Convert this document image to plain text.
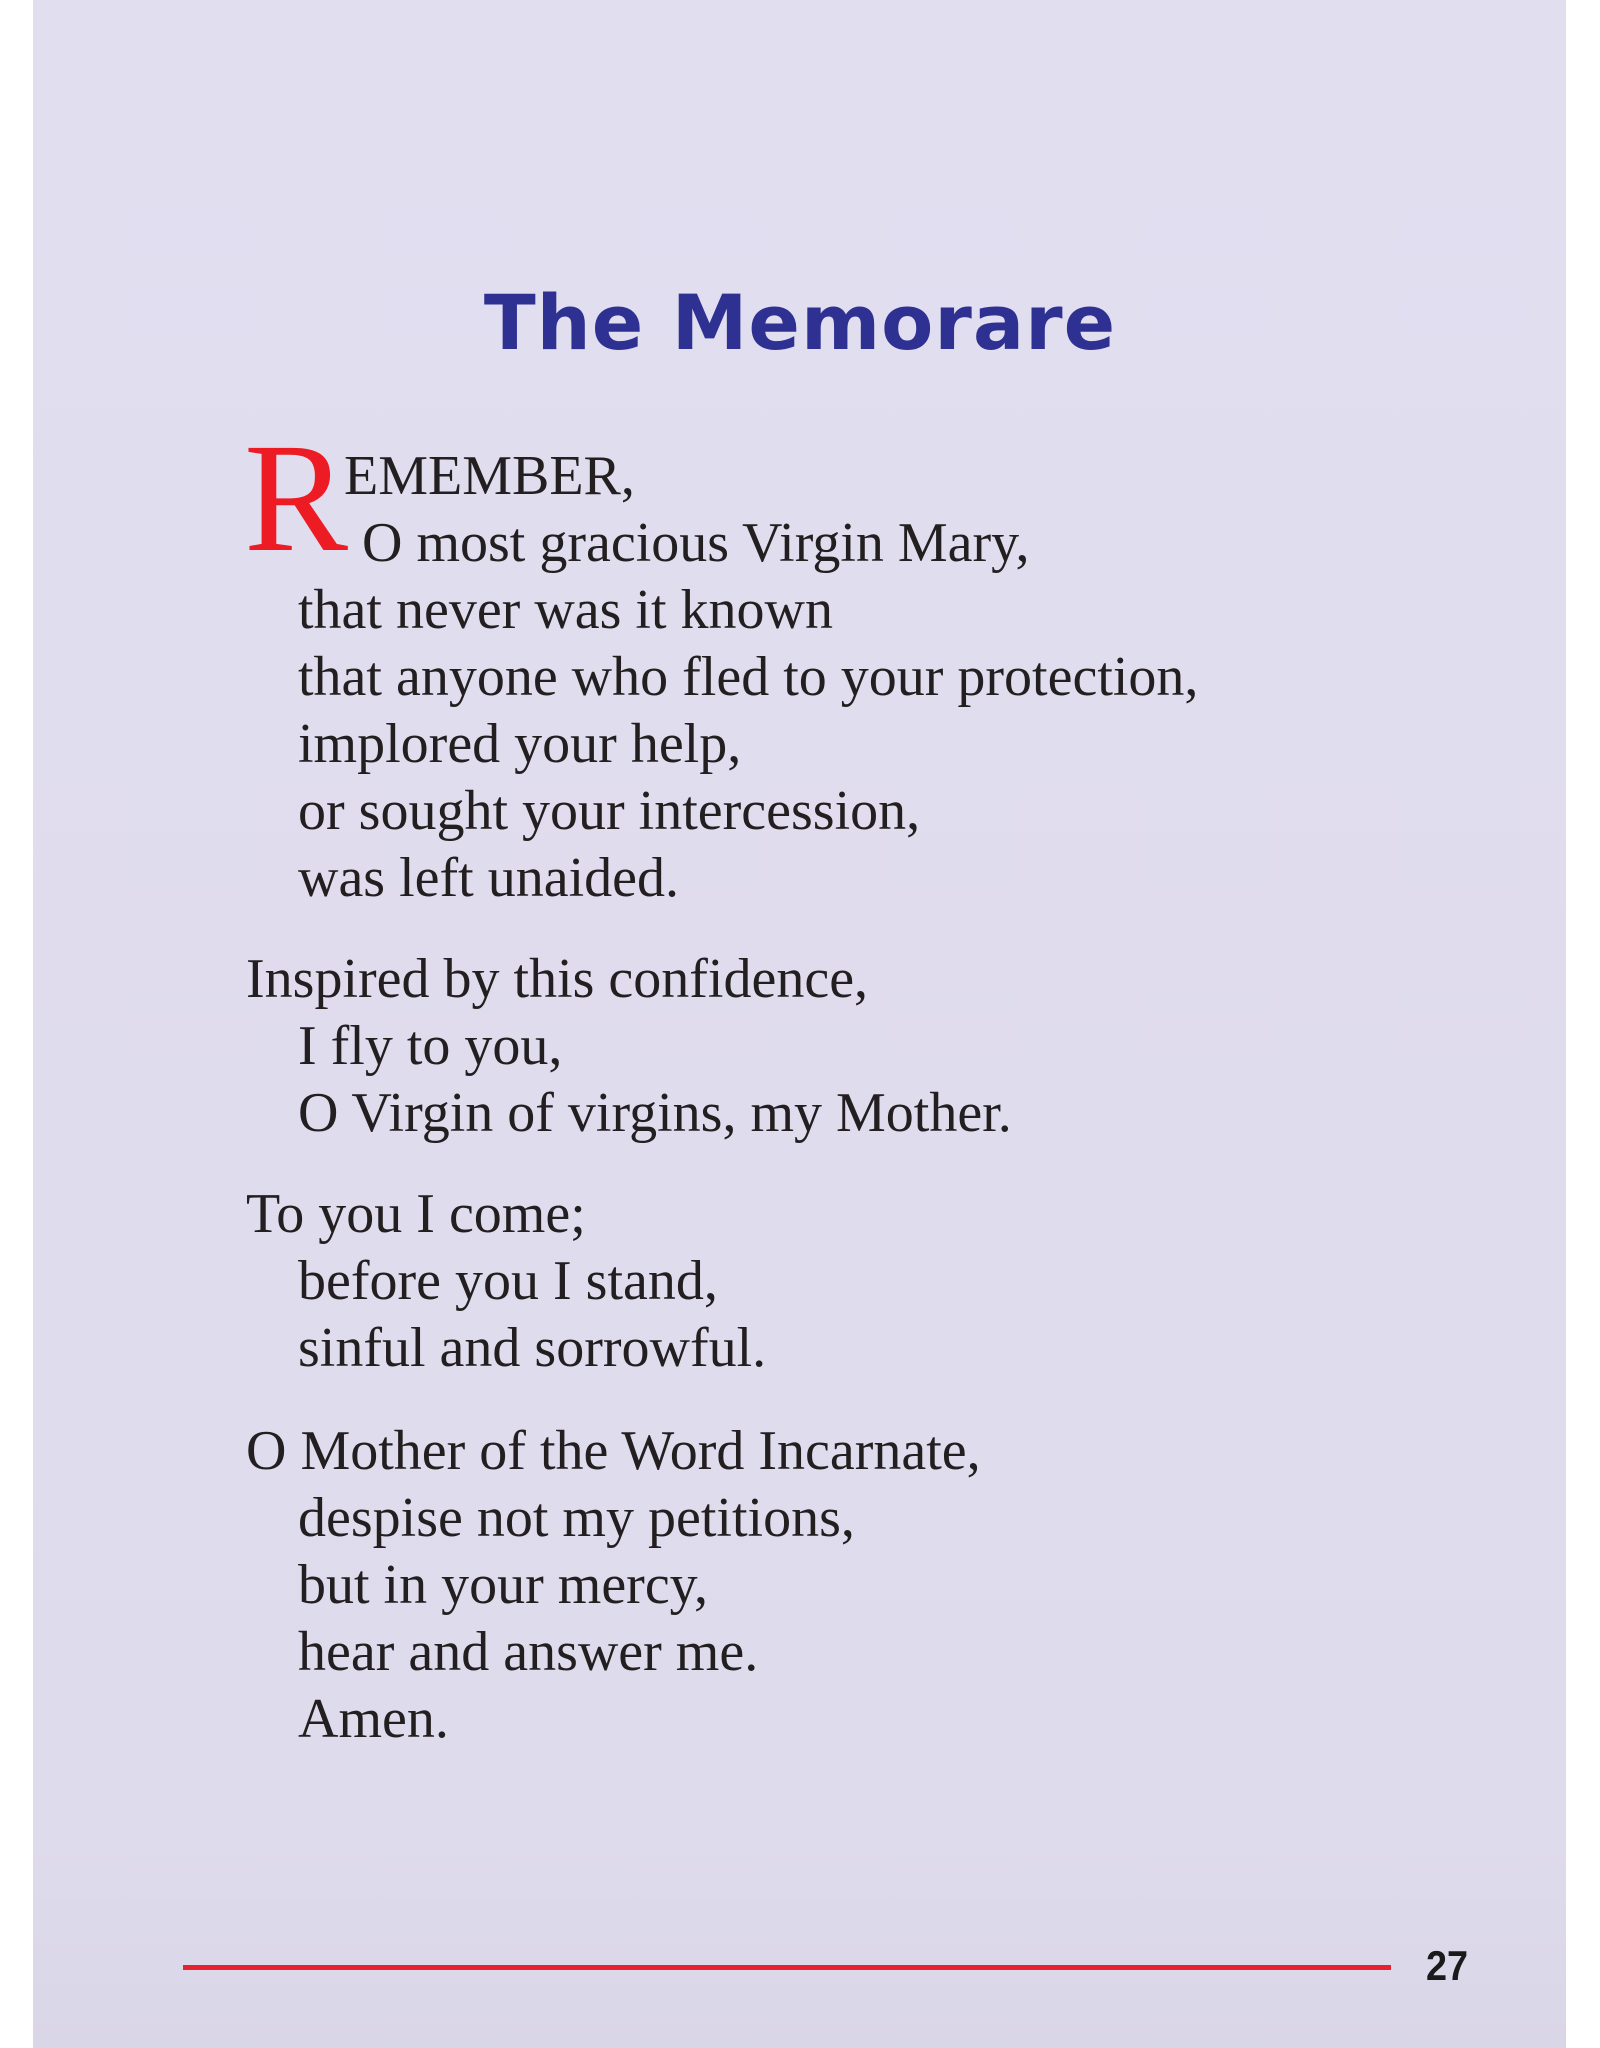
The Memorare
R
EMEMBER,
O most gracious Virgin Mary,
that never was it known
that anyone who fled to your protection,
implored your help,
or sought your intercession,
was left unaided.
Inspired by this confidence,
I fly to you,
O Virgin of virgins, my Mother.
To you I come;
before you I stand,
sinful and sorrowful.
O Mother of the Word Incarnate,
despise not my petitions,
but in your mercy,
hear and answer me.
Amen.
27
